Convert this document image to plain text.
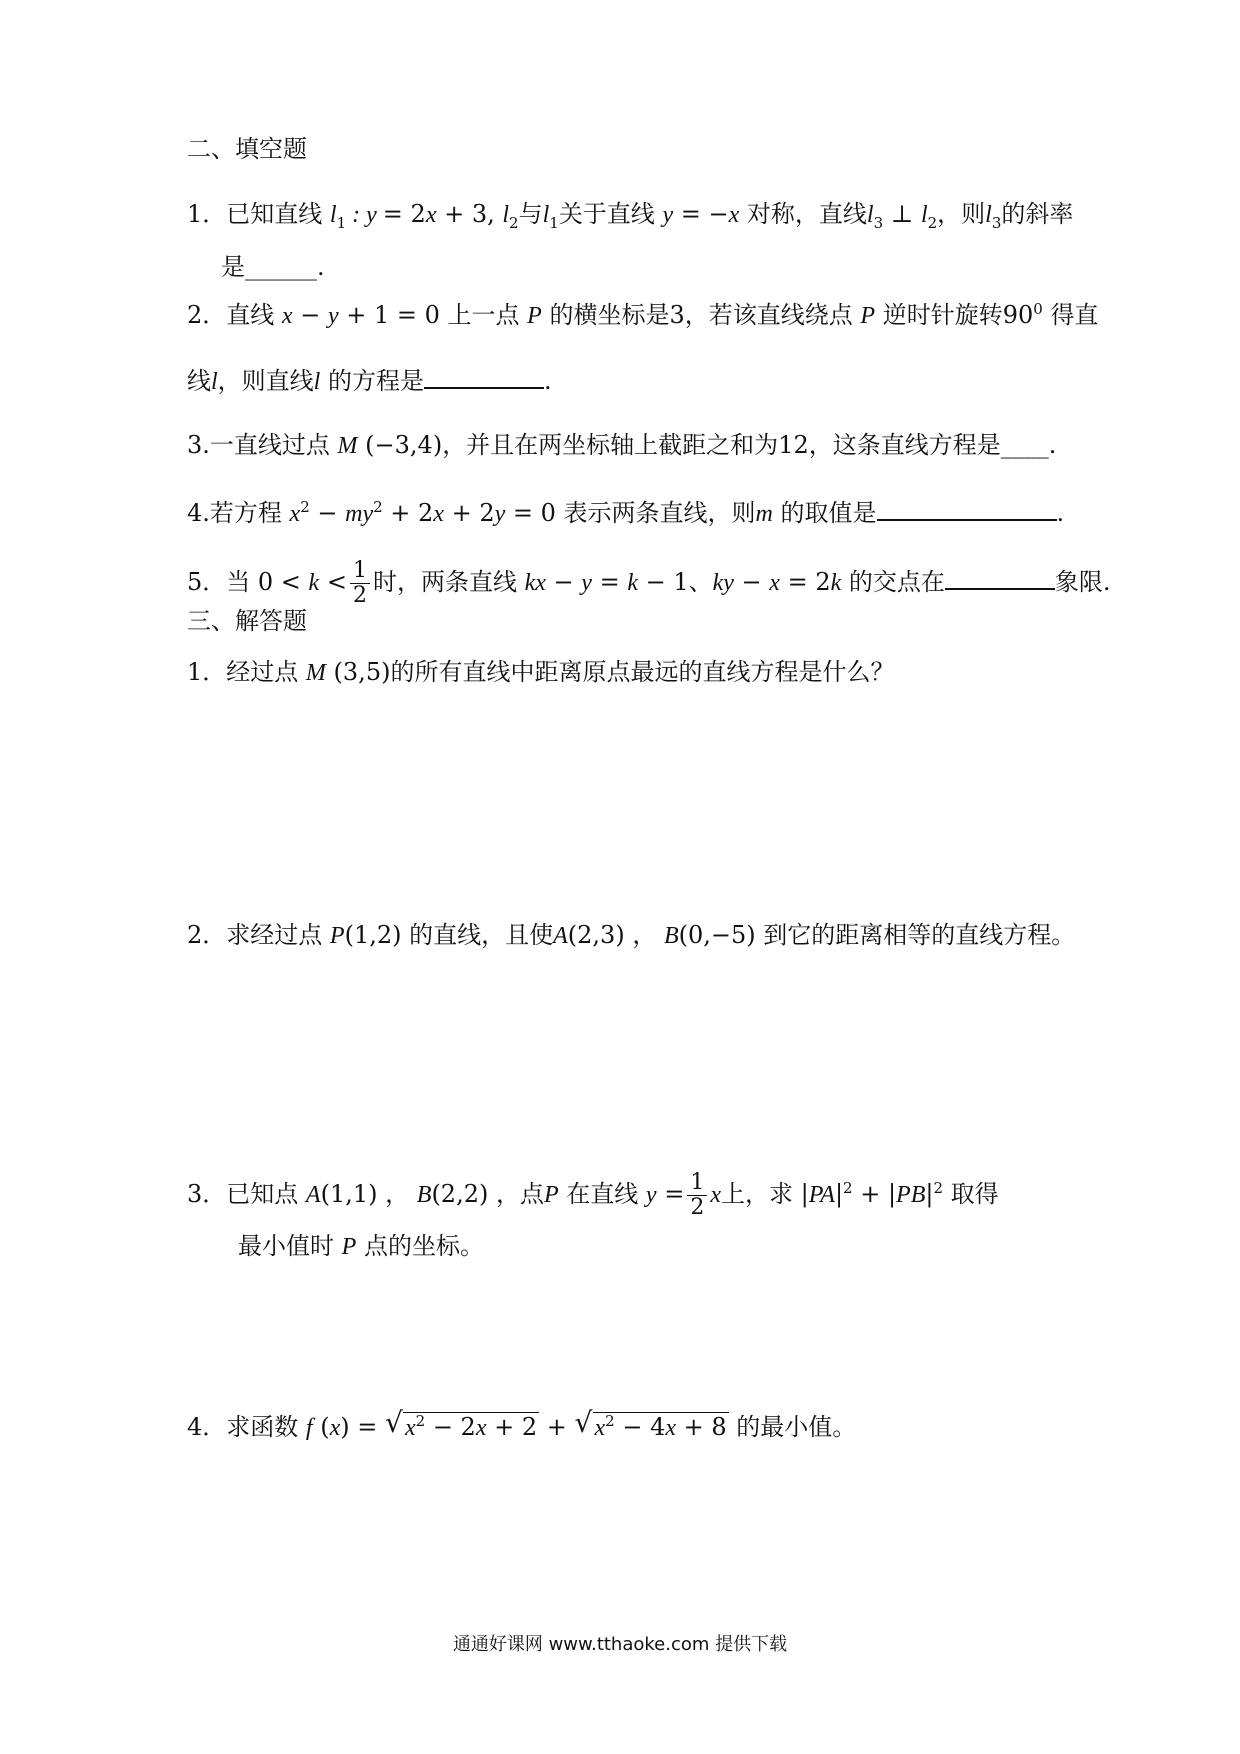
二、填空题
1．已知直线 $l_1$ : y = 2x + 3, $l_2$与$l_1$关于直线 y = −x 对称，直线$l_3$ ⊥ $l_2$，则$l_3$的斜率
是______.
2．直线 x − y + 1 = 0 上一点 P 的横坐标是3，若该直线绕点 P 逆时针旋转$90^0$ 得直
线l，则直线l 的方程是	.
3.一直线过点 M (−3,4)，并且在两坐标轴上截距之和为12，这条直线方程是____.
4.若方程 $x^2 - my^2 + 2x + 2y = 0$ 表示两条直线，则m 的取值是	.
5．当 $0 < k < \frac{1}{2}$ 时，两条直线 kx − y = k − 1、ky − x = 2k 的交点在	象限.
三、解答题
1．经过点 M (3,5)的所有直线中距离原点最远的直线方程是什么？
2．求经过点 P(1,2) 的直线，且使A(2,3) ， B(0,−5) 到它的距离相等的直线方程。
3．已知点 A(1,1) ， B(2,2) ，点P 在直线 $y = \frac{1}{2}$ x上，求 $|PA|^2 + |PB|^2$ 取得
最小值时 P 点的坐标。
4．求函数 f (x) = √ $x^2 - 2x + 2$ + √ $x^2 - 4x + 8$ 的最小值。
通通好课网 www.tthaoke.com 提供下载
